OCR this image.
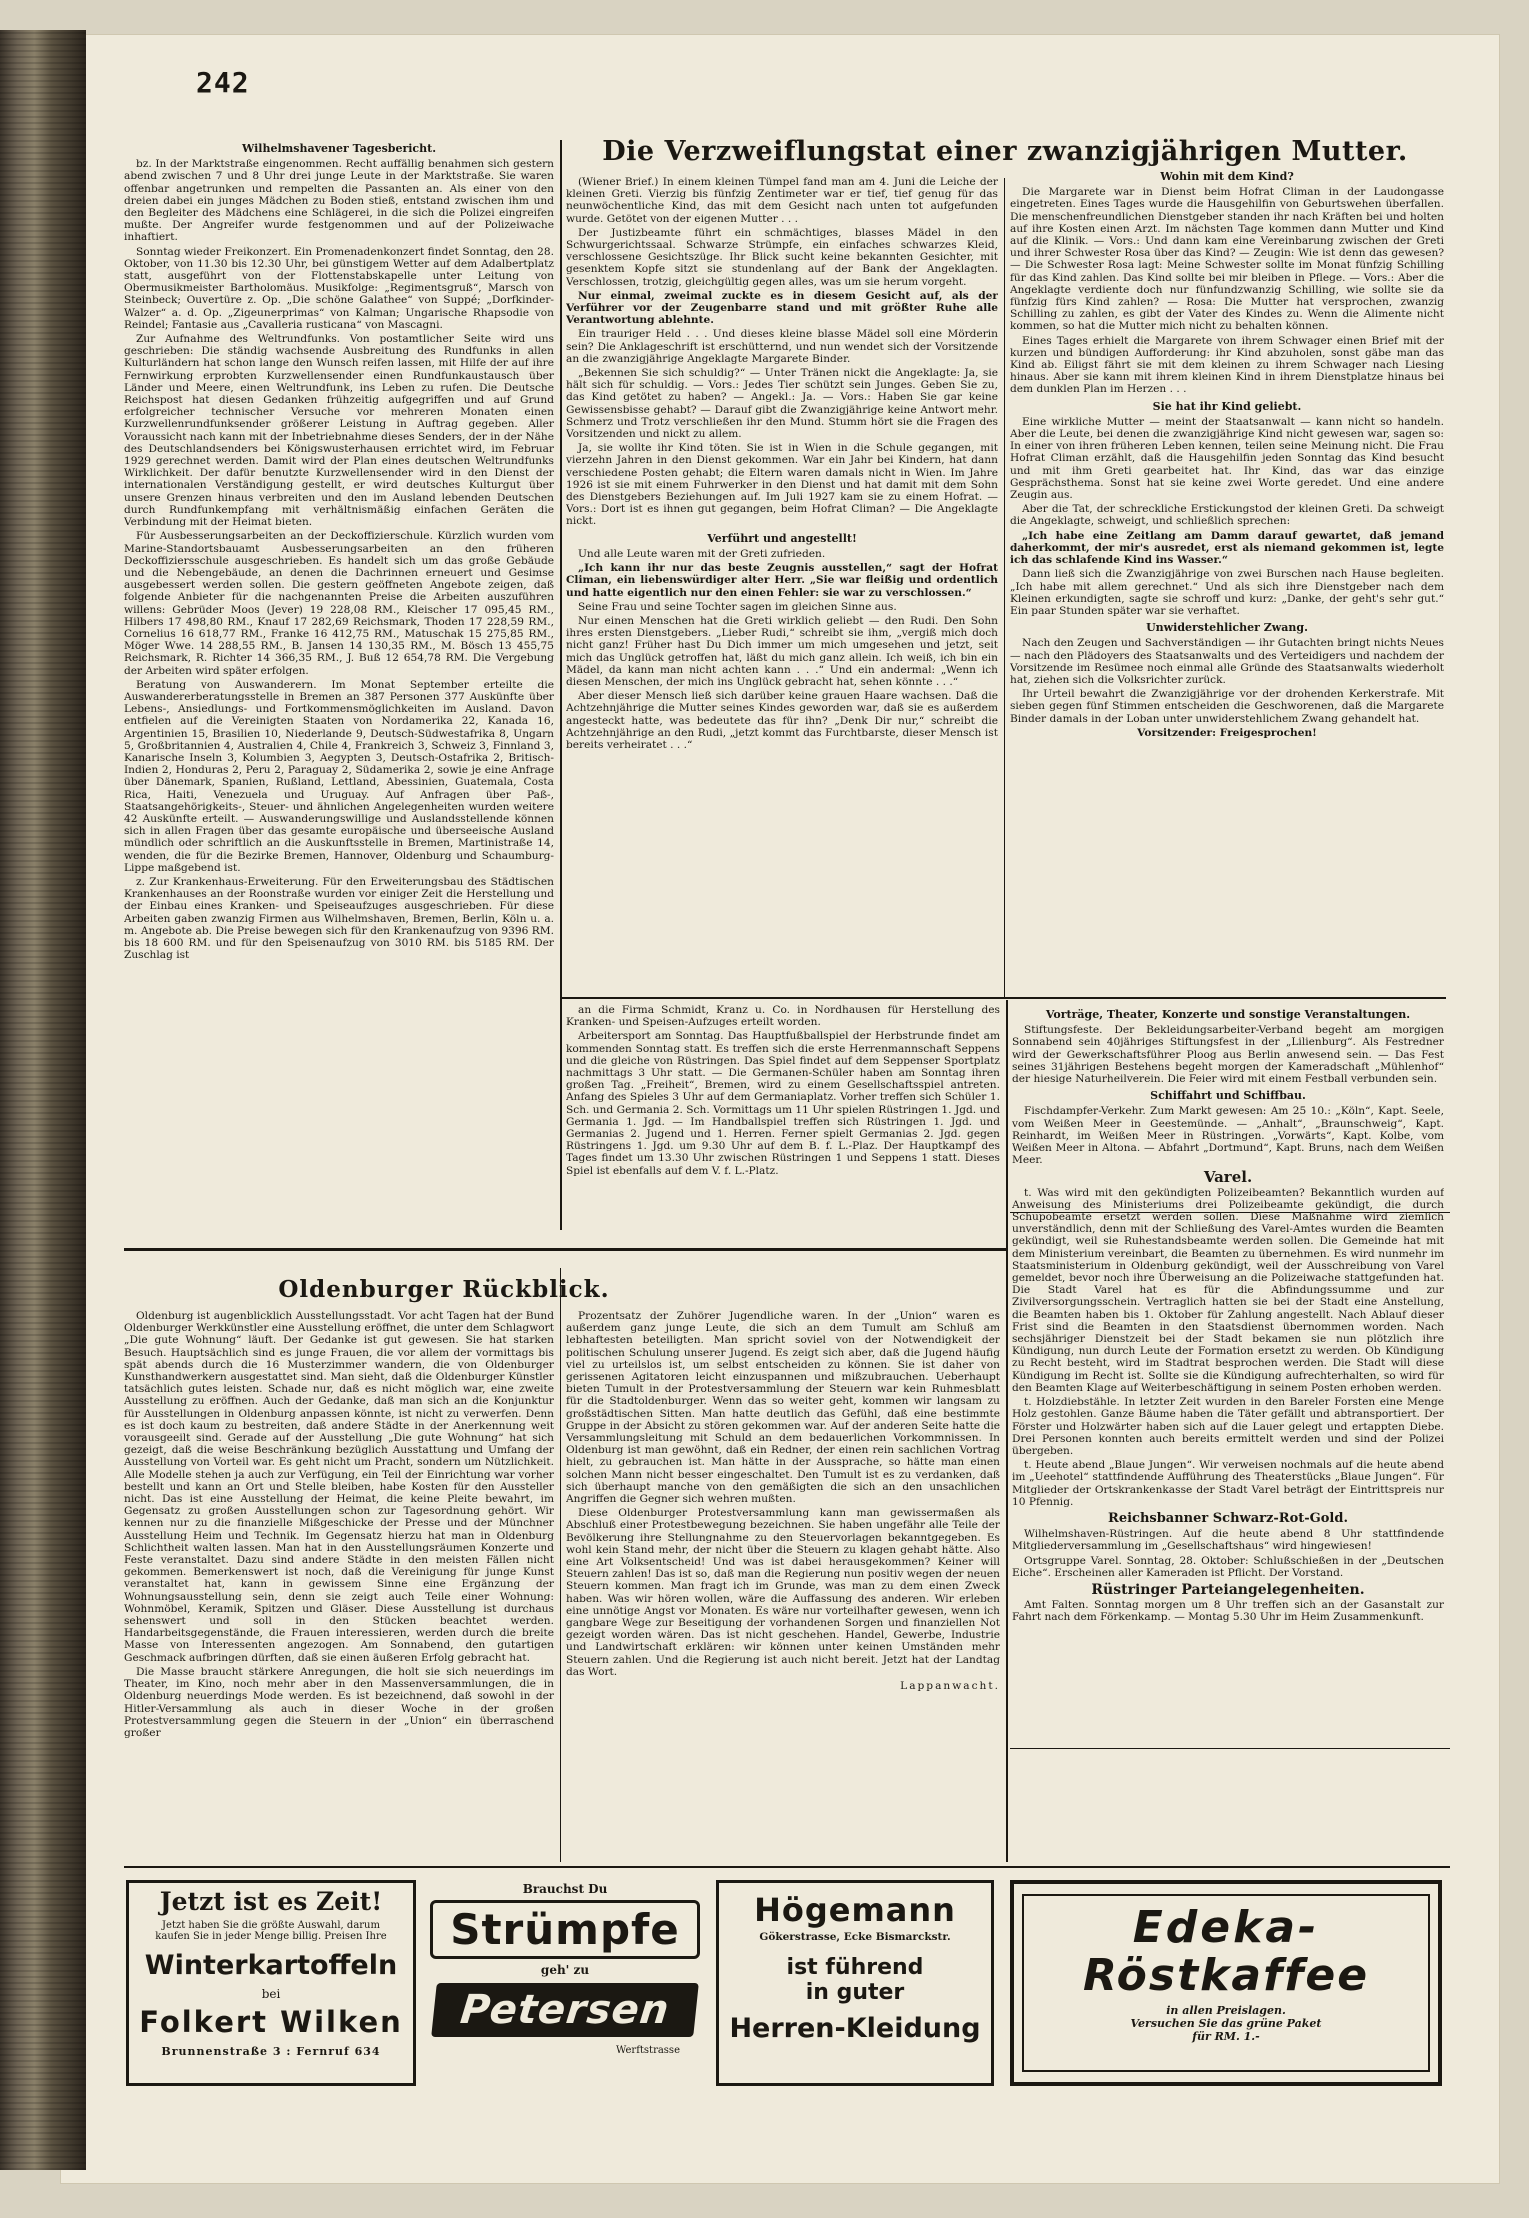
242
Wilhelmshavener Tagesbericht.

bz. In der Marktstraße eingenommen. Recht auffällig benahmen sich gestern abend zwischen 7 und 8 Uhr drei junge Leute in der Marktstraße. Sie waren offenbar angetrunken und rempelten die Passanten an. Als einer von den dreien dabei ein junges Mädchen zu Boden stieß, entstand zwischen ihm und den Begleiter des Mädchens eine Schlägerei, in die sich die Polizei eingreifen mußte. Der Angreifer wurde festgenommen und auf der Polizeiwache inhaftiert.

Sonntag wieder Freikonzert. Ein Promenadenkonzert findet Sonntag, den 28. Oktober, von 11.30 bis 12.30 Uhr, bei günstigem Wetter auf dem Adalbertplatz statt, ausgeführt von der Flottenstabskapelle unter Leitung von Obermusikmeister Bartholomäus. Musikfolge: „Regimentsgruß“, Marsch von Steinbeck; Ouvertüre z. Op. „Die schöne Galathee“ von Suppé; „Dorfkinder-Walzer“ a. d. Op. „Zigeunerprimas“ von Kalman; Ungarische Rhapsodie von Reindel; Fantasie aus „Cavalleria rusticana“ von Mascagni.

Zur Aufnahme des Weltrundfunks. Von postamtlicher Seite wird uns geschrieben: Die ständig wachsende Ausbreitung des Rundfunks in allen Kulturländern hat schon lange den Wunsch reifen lassen, mit Hilfe der auf ihre Fernwirkung erprobten Kurzwellensender einen Rundfunkaustausch über Länder und Meere, einen Weltrundfunk, ins Leben zu rufen. Die Deutsche Reichspost hat diesen Gedanken frühzeitig aufgegriffen und auf Grund erfolgreicher technischer Versuche vor mehreren Monaten einen Kurzwellenrundfunksender größerer Leistung in Auftrag gegeben. Aller Voraussicht nach kann mit der Inbetriebnahme dieses Senders, der in der Nähe des Deutschlandsenders bei Königswusterhausen errichtet wird, im Februar 1929 gerechnet werden. Damit wird der Plan eines deutschen Weltrundfunks Wirklichkeit. Der dafür benutzte Kurzwellensender wird in den Dienst der internationalen Verständigung gestellt, er wird deutsches Kulturgut über unsere Grenzen hinaus verbreiten und den im Ausland lebenden Deutschen durch Rundfunkempfang mit verhältnismäßig einfachen Geräten die Verbindung mit der Heimat bieten.

Für Ausbesserungsarbeiten an der Deckoffizierschule. Kürzlich wurden vom Marine-Standortsbauamt Ausbesserungsarbeiten an den früheren Deckoffiziersschule ausgeschrieben. Es handelt sich um das große Gebäude und die Nebengebäude, an denen die Dachrinnen erneuert und Gesimse ausgebessert werden sollen. Die gestern geöffneten Angebote zeigen, daß folgende Anbieter für die nachgenannten Preise die Arbeiten auszuführen willens: Gebrüder Moos (Jever) 19 228,08 RM., Kleischer 17 095,45 RM., Hilbers 17 498,80 RM., Knauf 17 282,69 Reichsmark, Thoden 17 228,59 RM., Cornelius 16 618,77 RM., Franke 16 412,75 RM., Matuschak 15 275,85 RM., Möger Wwe. 14 288,55 RM., B. Jansen 14 130,35 RM., M. Bösch 13 455,75 Reichsmark, R. Richter 14 366,35 RM., J. Buß 12 654,78 RM. Die Vergebung der Arbeiten wird später erfolgen.

Beratung von Auswanderern. Im Monat September erteilte die Auswandererberatungsstelle in Bremen an 387 Personen 377 Auskünfte über Lebens-, Ansiedlungs- und Fortkommensmöglichkeiten im Ausland. Davon entfielen auf die Vereinigten Staaten von Nordamerika 22, Kanada 16, Argentinien 15, Brasilien 10, Niederlande 9, Deutsch-Südwestafrika 8, Ungarn 5, Großbritannien 4, Australien 4, Chile 4, Frankreich 3, Schweiz 3, Finnland 3, Kanarische Inseln 3, Kolumbien 3, Aegypten 3, Deutsch-Ostafrika 2, Britisch-Indien 2, Honduras 2, Peru 2, Paraguay 2, Südamerika 2, sowie je eine Anfrage über Dänemark, Spanien, Rußland, Lettland, Abessinien, Guatemala, Costa Rica, Haiti, Venezuela und Uruguay. Auf Anfragen über Paß-, Staatsangehörigkeits-, Steuer- und ähnlichen Angelegenheiten wurden weitere 42 Auskünfte erteilt. — Auswanderungswillige und Auslandsstellende können sich in allen Fragen über das gesamte europäische und überseeische Ausland mündlich oder schriftlich an die Auskunftsstelle in Bremen, Martinistraße 14, wenden, die für die Bezirke Bremen, Hannover, Oldenburg und Schaumburg-Lippe maßgebend ist.

z. Zur Krankenhaus-Erweiterung. Für den Erweiterungsbau des Städtischen Krankenhauses an der Roonstraße wurden vor einiger Zeit die Herstellung und der Einbau eines Kranken- und Speiseaufzuges ausgeschrieben. Für diese Arbeiten gaben zwanzig Firmen aus Wilhelmshaven, Bremen, Berlin, Köln u. a. m. Angebote ab. Die Preise bewegen sich für den Krankenaufzug von 9396 RM. bis 18 600 RM. und für den Speisenaufzug von 3010 RM. bis 5185 RM. Der Zuschlag ist

Die Verzweiflungstat einer zwanzigjährigen Mutter.

(Wiener Brief.) In einem kleinen Tümpel fand man am 4. Juni die Leiche der kleinen Greti. Vierzig bis fünfzig Zentimeter war er tief, tief genug für das neunwöchentliche Kind, das mit dem Gesicht nach unten tot aufgefunden wurde. Getötet von der eigenen Mutter . . .

Der Justizbeamte führt ein schmächtiges, blasses Mädel in den Schwurgerichtssaal. Schwarze Strümpfe, ein einfaches schwarzes Kleid, verschlossene Gesichtszüge. Ihr Blick sucht keine bekannten Gesichter, mit gesenktem Kopfe sitzt sie stundenlang auf der Bank der Angeklagten. Verschlossen, trotzig, gleichgültig gegen alles, was um sie herum vorgeht.

Nur einmal, zweimal zuckte es in diesem Gesicht auf, als der Verführer vor der Zeugenbarre stand und mit größter Ruhe alle Verantwortung ablehnte.

Ein trauriger Held . . . Und dieses kleine blasse Mädel soll eine Mörderin sein? Die Anklageschrift ist erschütternd, und nun wendet sich der Vorsitzende an die zwanzigjährige Angeklagte Margarete Binder.

„Bekennen Sie sich schuldig?“ — Unter Tränen nickt die Angeklagte: Ja, sie hält sich für schuldig. — Vors.: Jedes Tier schützt sein Junges. Geben Sie zu, das Kind getötet zu haben? — Angekl.: Ja. — Vors.: Haben Sie gar keine Gewissensbisse gehabt? — Darauf gibt die Zwanzigjährige keine Antwort mehr. Schmerz und Trotz verschließen ihr den Mund. Stumm hört sie die Fragen des Vorsitzenden und nickt zu allem.

Ja, sie wollte ihr Kind töten. Sie ist in Wien in die Schule gegangen, mit vierzehn Jahren in den Dienst gekommen. War ein Jahr bei Kindern, hat dann verschiedene Posten gehabt; die Eltern waren damals nicht in Wien. Im Jahre 1926 ist sie mit einem Fuhrwerker in den Dienst und hat damit mit dem Sohn des Dienstgebers Beziehungen auf. Im Juli 1927 kam sie zu einem Hofrat. — Vors.: Dort ist es ihnen gut gegangen, beim Hofrat Climan? — Die Angeklagte nickt.

Verführt und angestellt!

Und alle Leute waren mit der Greti zufrieden.

„Ich kann ihr nur das beste Zeugnis ausstellen,“ sagt der Hofrat Climan, ein liebenswürdiger alter Herr. „Sie war fleißig und ordentlich und hatte eigentlich nur den einen Fehler: sie war zu verschlossen.“

Seine Frau und seine Tochter sagen im gleichen Sinne aus.

Nur einen Menschen hat die Greti wirklich geliebt — den Rudi. Den Sohn ihres ersten Dienstgebers. „Lieber Rudi,“ schreibt sie ihm, „vergiß mich doch nicht ganz! Früher hast Du Dich immer um mich umgesehen und jetzt, seit mich das Unglück getroffen hat, läßt du mich ganz allein. Ich weiß, ich bin ein Mädel, da kann man nicht achten kann . . .“ Und ein andermal: „Wenn ich diesen Menschen, der mich ins Unglück gebracht hat, sehen könnte . . .“

Aber dieser Mensch ließ sich darüber keine grauen Haare wachsen. Daß die Achtzehnjährige die Mutter seines Kindes geworden war, daß sie es außerdem angesteckt hatte, was bedeutete das für ihn? „Denk Dir nur,“ schreibt die Achtzehnjährige an den Rudi, „jetzt kommt das Furchtbarste, dieser Mensch ist bereits verheiratet . . .“

Wohin mit dem Kind?

Die Margarete war in Dienst beim Hofrat Climan in der Laudongasse eingetreten. Eines Tages wurde die Hausgehilfin von Geburtswehen überfallen. Die menschenfreundlichen Dienstgeber standen ihr nach Kräften bei und holten auf ihre Kosten einen Arzt. Im nächsten Tage kommen dann Mutter und Kind auf die Klinik. — Vors.: Und dann kam eine Vereinbarung zwischen der Greti und ihrer Schwester Rosa über das Kind? — Zeugin: Wie ist denn das gewesen? — Die Schwester Rosa lagt: Meine Schwester sollte im Monat fünfzig Schilling für das Kind zahlen. Das Kind sollte bei mir bleiben in Pflege. — Vors.: Aber die Angeklagte verdiente doch nur fünfundzwanzig Schilling, wie sollte sie da fünfzig fürs Kind zahlen? — Rosa: Die Mutter hat versprochen, zwanzig Schilling zu zahlen, es gibt der Vater des Kindes zu. Wenn die Alimente nicht kommen, so hat die Mutter mich nicht zu behalten können.

Eines Tages erhielt die Margarete von ihrem Schwager einen Brief mit der kurzen und bündigen Aufforderung: ihr Kind abzuholen, sonst gäbe man das Kind ab. Eiligst fährt sie mit dem kleinen zu ihrem Schwager nach Liesing hinaus. Aber sie kann mit ihrem kleinen Kind in ihrem Dienstplatze hinaus bei dem dunklen Plan im Herzen . . .

Sie hat ihr Kind geliebt.

Eine wirkliche Mutter — meint der Staatsanwalt — kann nicht so handeln. Aber die Leute, bei denen die zwanzigjährige Kind nicht gewesen war, sagen so: In einer von ihren früheren Leben kennen, teilen seine Meinung nicht. Die Frau Hofrat Climan erzählt, daß die Hausgehilfin jeden Sonntag das Kind besucht und mit ihm Greti gearbeitet hat. Ihr Kind, das war das einzige Gesprächsthema. Sonst hat sie keine zwei Worte geredet. Und eine andere Zeugin aus.

Aber die Tat, der schreckliche Erstickungstod der kleinen Greti. Da schweigt die Angeklagte, schweigt, und schließlich sprechen:

„Ich habe eine Zeitlang am Damm darauf gewartet, daß jemand daherkommt, der mir's ausredet, erst als niemand gekommen ist, legte ich das schlafende Kind ins Wasser.“

Dann ließ sich die Zwanzigjährige von zwei Burschen nach Hause begleiten. „Ich habe mit allem gerechnet.“ Und als sich ihre Dienstgeber nach dem Kleinen erkundigten, sagte sie schroff und kurz: „Danke, der geht's sehr gut.“ Ein paar Stunden später war sie verhaftet.

Unwiderstehlicher Zwang.

Nach den Zeugen und Sachverständigen — ihr Gutachten bringt nichts Neues — nach den Plädoyers des Staatsanwalts und des Verteidigers und nachdem der Vorsitzende im Resümee noch einmal alle Gründe des Staatsanwalts wiederholt hat, ziehen sich die Volksrichter zurück.

Ihr Urteil bewahrt die Zwanzigjährige vor der drohenden Kerkerstrafe. Mit sieben gegen fünf Stimmen entscheiden die Geschworenen, daß die Margarete Binder damals in der Loban unter unwiderstehlichem Zwang gehandelt hat.

Vorsitzender: Freigesprochen!

an die Firma Schmidt, Kranz u. Co. in Nordhausen für Herstellung des Kranken- und Speisen-Aufzuges erteilt worden.

Arbeitersport am Sonntag. Das Hauptfußballspiel der Herbstrunde findet am kommenden Sonntag statt. Es treffen sich die erste Herrenmannschaft Seppens und die gleiche von Rüstringen. Das Spiel findet auf dem Seppenser Sportplatz nachmittags 3 Uhr statt. — Die Germanen-Schüler haben am Sonntag ihren großen Tag. „Freiheit“, Bremen, wird zu einem Gesellschaftsspiel antreten. Anfang des Spieles 3 Uhr auf dem Germaniaplatz. Vorher treffen sich Schüler 1. Sch. und Germania 2. Sch. Vormittags um 11 Uhr spielen Rüstringen 1. Jgd. und Germania 1. Jgd. — Im Handballspiel treffen sich Rüstringen 1. Jgd. und Germanias 2. Jugend und 1. Herren. Ferner spielt Germanias 2. Jgd. gegen Rüstringens 1. Jgd. um 9.30 Uhr auf dem B. f. L.-Plaz. Der Hauptkampf des Tages findet um 13.30 Uhr zwischen Rüstringen 1 und Seppens 1 statt. Dieses Spiel ist ebenfalls auf dem V. f. L.-Platz.

Vorträge, Theater, Konzerte und sonstige Veranstaltungen.

Stiftungsfeste. Der Bekleidungsarbeiter-Verband begeht am morgigen Sonnabend sein 40jähriges Stiftungsfest in der „Lilienburg“. Als Festredner wird der Gewerkschaftsführer Ploog aus Berlin anwesend sein. — Das Fest seines 31jährigen Bestehens begeht morgen der Kameradschaft „Mühlenhof“ der hiesige Naturheilverein. Die Feier wird mit einem Festball verbunden sein.

Schiffahrt und Schiffbau.

Fischdampfer-Verkehr. Zum Markt gewesen: Am 25 10.: „Köln“, Kapt. Seele, vom Weißen Meer in Geestemünde. — „Anhalt“, „Braunschweig“, Kapt. Reinhardt, im Weißen Meer in Rüstringen. „Vorwärts“, Kapt. Kolbe, vom Weißen Meer in Altona. — Abfahrt „Dortmund“, Kapt. Bruns, nach dem Weißen Meer.

Varel.

t. Was wird mit den gekündigten Polizeibeamten? Bekanntlich wurden auf Anweisung des Ministeriums drei Polizeibeamte gekündigt, die durch Schupobeamte ersetzt werden sollen. Diese Maßnahme wird ziemlich unverständlich, denn mit der Schließung des Varel-Amtes wurden die Beamten gekündigt, weil sie Ruhestandsbeamte werden sollen. Die Gemeinde hat mit dem Ministerium vereinbart, die Beamten zu übernehmen. Es wird nunmehr im Staatsministerium in Oldenburg gekündigt, weil der Ausschreibung von Varel gemeldet, bevor noch ihre Überweisung an die Polizeiwache stattgefunden hat. Die Stadt Varel hat es für die Abfindungssumme und zur Zivilversorgungsschein. Vertraglich hatten sie bei der Stadt eine Anstellung, die Beamten haben bis 1. Oktober für Zahlung angestellt. Nach Ablauf dieser Frist sind die Beamten in den Staatsdienst übernommen worden. Nach sechsjähriger Dienstzeit bei der Stadt bekamen sie nun plötzlich ihre Kündigung, nun durch Leute der Formation ersetzt zu werden. Ob Kündigung zu Recht besteht, wird im Stadtrat besprochen werden. Die Stadt will diese Kündigung im Recht ist. Sollte sie die Kündigung aufrechterhalten, so wird für den Beamten Klage auf Weiterbeschäftigung in seinem Posten erhoben werden.

t. Holzdiebstähle. In letzter Zeit wurden in den Bareler Forsten eine Menge Holz gestohlen. Ganze Bäume haben die Täter gefällt und abtransportiert. Der Förster und Holzwärter haben sich auf die Lauer gelegt und ertappten Diebe. Drei Personen konnten auch bereits ermittelt werden und sind der Polizei übergeben.

t. Heute abend „Blaue Jungen“. Wir verweisen nochmals auf die heute abend im „Ueehotel“ stattfindende Aufführung des Theaterstücks „Blaue Jungen“. Für Mitglieder der Ortskrankenkasse der Stadt Varel beträgt der Eintrittspreis nur 10 Pfennig.

Reichsbanner Schwarz-Rot-Gold.

Wilhelmshaven-Rüstringen. Auf die heute abend 8 Uhr stattfindende Mitgliederversammlung im „Gesellschaftshaus“ wird hingewiesen!

Ortsgruppe Varel. Sonntag, 28. Oktober: Schlußschießen in der „Deutschen Eiche“. Erscheinen aller Kameraden ist Pflicht. Der Vorstand.

Rüstringer Parteiangelegenheiten.

Amt Falten. Sonntag morgen um 8 Uhr treffen sich an der Gasanstalt zur Fahrt nach dem Förkenkamp. — Montag 5.30 Uhr im Heim Zusammenkunft.

Oldenburger Rückblick.

Oldenburg ist augenblicklich Ausstellungsstadt. Vor acht Tagen hat der Bund Oldenburger Werkkünstler eine Ausstellung eröffnet, die unter dem Schlagwort „Die gute Wohnung“ läuft. Der Gedanke ist gut gewesen. Sie hat starken Besuch. Hauptsächlich sind es junge Frauen, die vor allem der vormittags bis spät abends durch die 16 Musterzimmer wandern, die von Oldenburger Kunsthandwerkern ausgestattet sind. Man sieht, daß die Oldenburger Künstler tatsächlich gutes leisten. Schade nur, daß es nicht möglich war, eine zweite Ausstellung zu eröffnen. Auch der Gedanke, daß man sich an die Konjunktur für Ausstellungen in Oldenburg anpassen könnte, ist nicht zu verwerfen. Denn es ist doch kaum zu bestreiten, daß andere Städte in der Anerkennung weit vorausgeeilt sind. Gerade auf der Ausstellung „Die gute Wohnung“ hat sich gezeigt, daß die weise Beschränkung bezüglich Ausstattung und Umfang der Ausstellung von Vorteil war. Es geht nicht um Pracht, sondern um Nützlichkeit. Alle Modelle stehen ja auch zur Verfügung, ein Teil der Einrichtung war vorher bestellt und kann an Ort und Stelle bleiben, habe Kosten für den Aussteller nicht. Das ist eine Ausstellung der Heimat, die keine Pleite bewahrt, im Gegensatz zu großen Ausstellungen schon zur Tagesordnung gehört. Wir kennen nur zu die finanzielle Mißgeschicke der Presse und der Münchner Ausstellung Heim und Technik. Im Gegensatz hierzu hat man in Oldenburg Schlichtheit walten lassen. Man hat in den Ausstellungsräumen Konzerte und Feste veranstaltet. Dazu sind andere Städte in den meisten Fällen nicht gekommen. Bemerkenswert ist noch, daß die Vereinigung für junge Kunst veranstaltet hat, kann in gewissem Sinne eine Ergänzung der Wohnungsausstellung sein, denn sie zeigt auch Teile einer Wohnung: Wohnmöbel, Keramik, Spitzen und Gläser. Diese Ausstellung ist durchaus sehenswert und soll in den Stücken beachtet werden. Handarbeitsgegenstände, die Frauen interessieren, werden durch die breite Masse von Interessenten angezogen. Am Sonnabend, den gutartigen Geschmack aufbringen dürften, daß sie einen äußeren Erfolg gebracht hat.

Die Masse braucht stärkere Anregungen, die holt sie sich neuerdings im Theater, im Kino, noch mehr aber in den Massenversammlungen, die in Oldenburg neuerdings Mode werden. Es ist bezeichnend, daß sowohl in der Hitler-Versammlung als auch in dieser Woche in der großen Protestversammlung gegen die Steuern in der „Union“ ein überraschend großer

Prozentsatz der Zuhörer Jugendliche waren. In der „Union“ waren es außerdem ganz junge Leute, die sich an dem Tumult am Schluß am lebhaftesten beteiligten. Man spricht soviel von der Notwendigkeit der politischen Schulung unserer Jugend. Es zeigt sich aber, daß die Jugend häufig viel zu urteilslos ist, um selbst entscheiden zu können. Sie ist daher von gerissenen Agitatoren leicht einzuspannen und mißzubrauchen. Ueberhaupt bieten Tumult in der Protestversammlung der Steuern war kein Ruhmesblatt für die Stadtoldenburger. Wenn das so weiter geht, kommen wir langsam zu großstädtischen Sitten. Man hatte deutlich das Gefühl, daß eine bestimmte Gruppe in der Absicht zu stören gekommen war. Auf der anderen Seite hatte die Versammlungsleitung mit Schuld an dem bedauerlichen Vorkommnissen. In Oldenburg ist man gewöhnt, daß ein Redner, der einen rein sachlichen Vortrag hielt, zu gebrauchen ist. Man hätte in der Aussprache, so hätte man einen solchen Mann nicht besser eingeschaltet. Den Tumult ist es zu verdanken, daß sich überhaupt manche von den gemäßigten die sich an den unsachlichen Angriffen die Gegner sich wehren mußten.

Diese Oldenburger Protestversammlung kann man gewissermaßen als Abschluß einer Protestbewegung bezeichnen. Sie haben ungefähr alle Teile der Bevölkerung ihre Stellungnahme zu den Steuervorlagen bekanntgegeben. Es wohl kein Stand mehr, der nicht über die Steuern zu klagen gehabt hätte. Also eine Art Volksentscheid! Und was ist dabei herausgekommen? Keiner will Steuern zahlen! Das ist so, daß man die Regierung nun positiv wegen der neuen Steuern kommen. Man fragt ich im Grunde, was man zu dem einen Zweck haben. Was wir hören wollen, wäre die Auffassung des anderen. Wir erleben eine unnötige Angst vor Monaten. Es wäre nur vorteilhafter gewesen, wenn ich gangbare Wege zur Beseitigung der vorhandenen Sorgen und finanziellen Not gezeigt worden wären. Das ist nicht geschehen. Handel, Gewerbe, Industrie und Landwirtschaft erklären: wir können unter keinen Umständen mehr Steuern zahlen. Und die Regierung ist auch nicht bereit. Jetzt hat der Landtag das Wort.

Lappanwacht.

Jetzt ist es Zeit!
Jetzt haben Sie die größte Auswahl, darum
kaufen Sie in jeder Menge billig. Preisen Ihre
Winterkartoffeln
bei
Folkert Wilken
Brunnenstraße 3 : Fernruf 634
Brauchst Du
Strümpfe
geh' zu
Petersen
Werftstrasse
Högemann
Gökerstrasse, Ecke Bismarckstr.
ist führend
in guter
Herren-Kleidung
Edeka-
Röstkaffee
in allen Preislagen.
Versuchen Sie das grüne Paket
für RM. 1.-
